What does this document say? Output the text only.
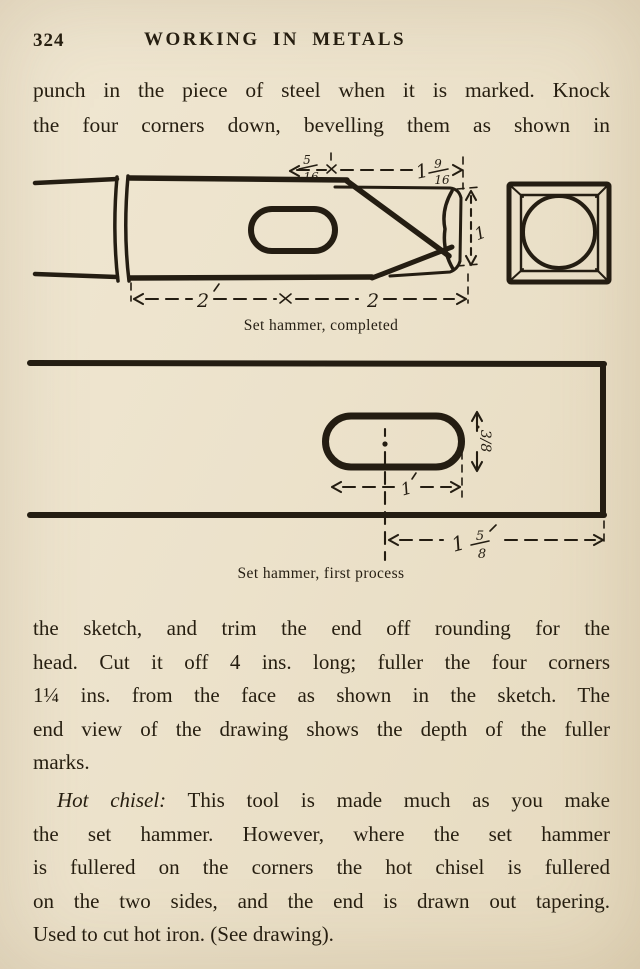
324	WORKING IN METALS
punch in the piece of steel when it is marked. Knock
the four corners down, bevelling them as shown in
5
16	1 9
16
1
2	2
Set hammer, completed
1
3/8
1 5
8
Set hammer, first process
the sketch, and trim the end off rounding for the
head. Cut it off 4 ins. long; fuller the four corners
1¼ ins. from the face as shown in the sketch. The
end view of the drawing shows the depth of the fuller
marks.
Hot chisel: This tool is made much as you make
the set hammer. However, where the set hammer
is fullered on the corners the hot chisel is fullered
on the two sides, and the end is drawn out tapering.
Used to cut hot iron. (See drawing).
